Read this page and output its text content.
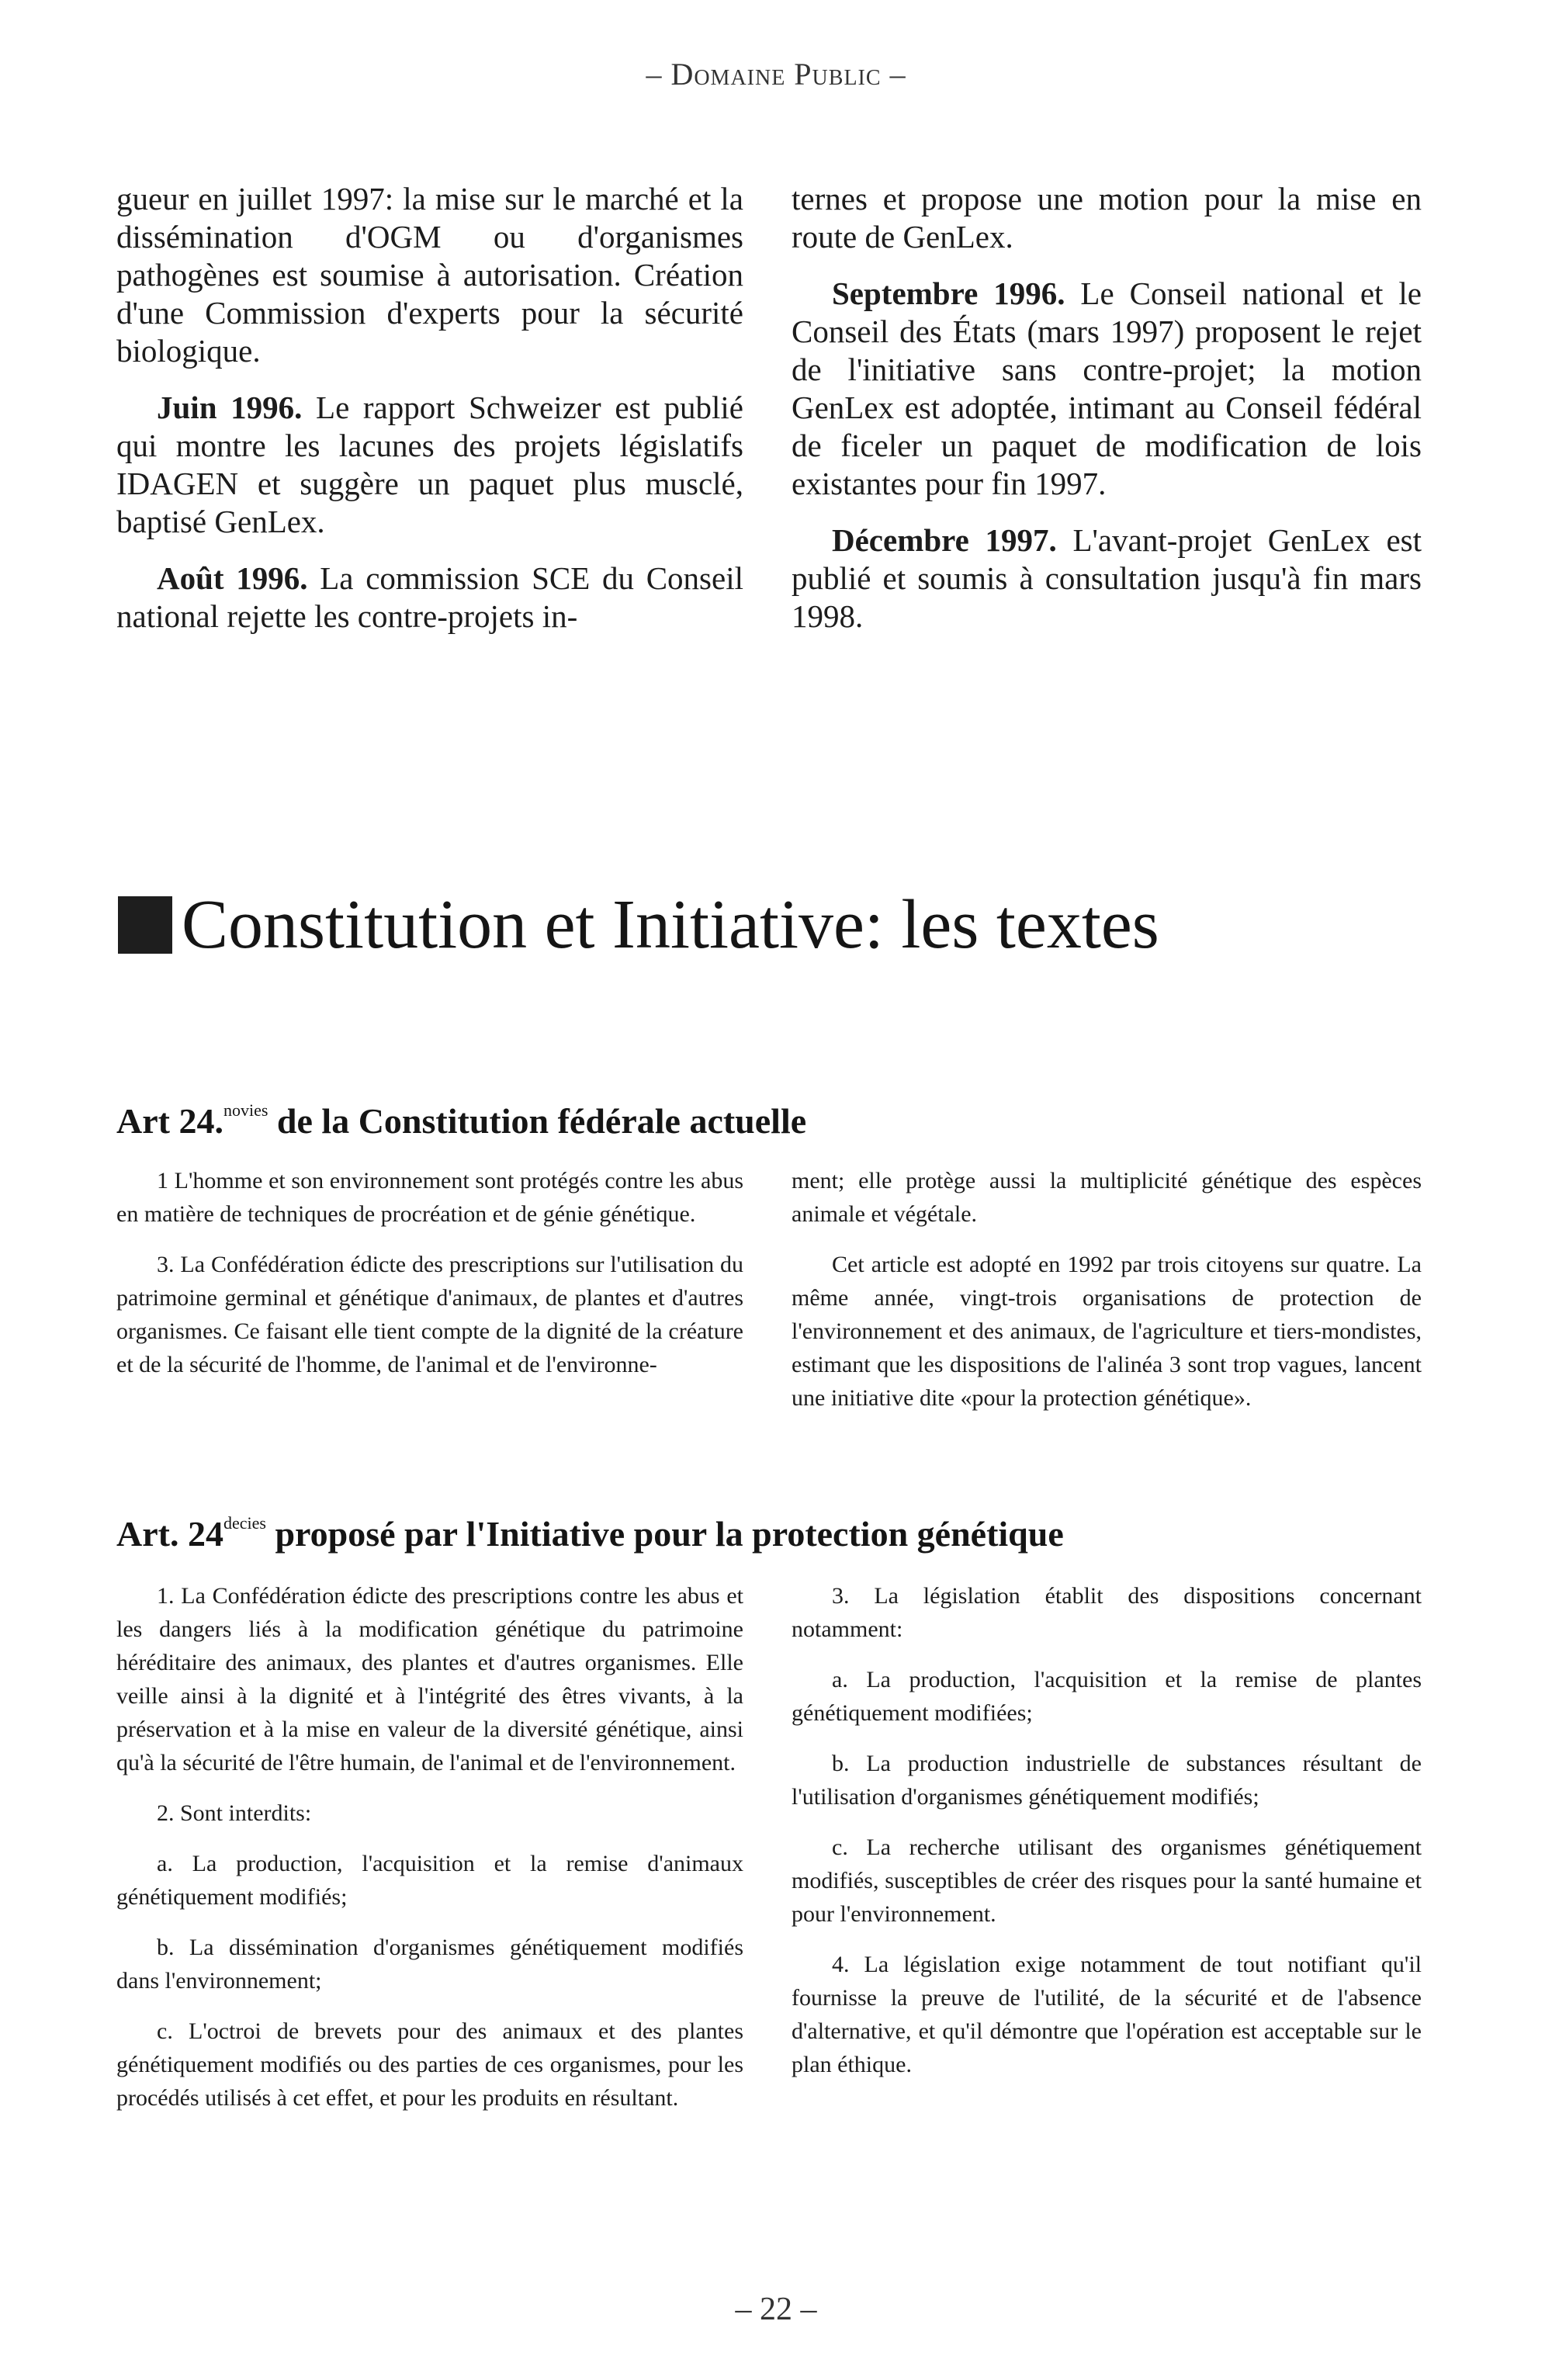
– Domaine Public –

gueur en juillet 1997: la mise sur le marché et la dissémination d'OGM ou d'organismes pathogènes est soumise à autorisation. Création d'une Commission d'experts pour la sécurité biologique.

Juin 1996. Le rapport Schweizer est publié qui montre les lacunes des projets législatifs IDAGEN et suggère un paquet plus musclé, baptisé GenLex.

Août 1996. La commission SCE du Conseil national rejette les contre-projets in-

ternes et propose une motion pour la mise en route de GenLex.

Septembre 1996. Le Conseil national et le Conseil des États (mars 1997) proposent le rejet de l'initiative sans contre-projet; la motion GenLex est adoptée, intimant au Conseil fédéral de ficeler un paquet de modification de lois existantes pour fin 1997.

Décembre 1997. L'avant-projet GenLex est publié et soumis à consultation jusqu'à fin mars 1998.

Constitution et Initiative: les textes
Art 24.$^{novies}$ de la Constitution fédérale actuelle

1 L'homme et son environnement sont protégés contre les abus en matière de techniques de procréation et de génie génétique.

3. La Confédération édicte des prescriptions sur l'utilisation du patrimoine germinal et génétique d'animaux, de plantes et d'autres organismes. Ce faisant elle tient compte de la dignité de la créature et de la sécurité de l'homme, de l'animal et de l'environne-

ment; elle protège aussi la multiplicité génétique des espèces animale et végétale.

Cet article est adopté en 1992 par trois citoyens sur quatre. La même année, vingt-trois organisations de protection de l'environnement et des animaux, de l'agriculture et tiers-mondistes, estimant que les dispositions de l'alinéa 3 sont trop vagues, lancent une initiative dite «pour la protection génétique».

Art. $24^{decies}$ proposé par l'Initiative pour la protection génétique

1. La Confédération édicte des prescriptions contre les abus et les dangers liés à la modification génétique du patrimoine héréditaire des animaux, des plantes et d'autres organismes. Elle veille ainsi à la dignité et à l'intégrité des êtres vivants, à la préservation et à la mise en valeur de la diversité génétique, ainsi qu'à la sécurité de l'être humain, de l'animal et de l'environnement.

2. Sont interdits:

a. La production, l'acquisition et la remise d'animaux génétiquement modifiés;

b. La dissémination d'organismes génétiquement modifiés dans l'environnement;

c. L'octroi de brevets pour des animaux et des plantes génétiquement modifiés ou des parties de ces organismes, pour les procédés utilisés à cet effet, et pour les produits en résultant.

3. La législation établit des dispositions concernant notamment:

a. La production, l'acquisition et la remise de plantes génétiquement modifiées;

b. La production industrielle de substances résultant de l'utilisation d'organismes génétiquement modifiés;

c. La recherche utilisant des organismes génétiquement modifiés, susceptibles de créer des risques pour la santé humaine et pour l'environnement.

4. La législation exige notamment de tout notifiant qu'il fournisse la preuve de l'utilité, de la sécurité et de l'absence d'alternative, et qu'il démontre que l'opération est acceptable sur le plan éthique.

– 22 –
